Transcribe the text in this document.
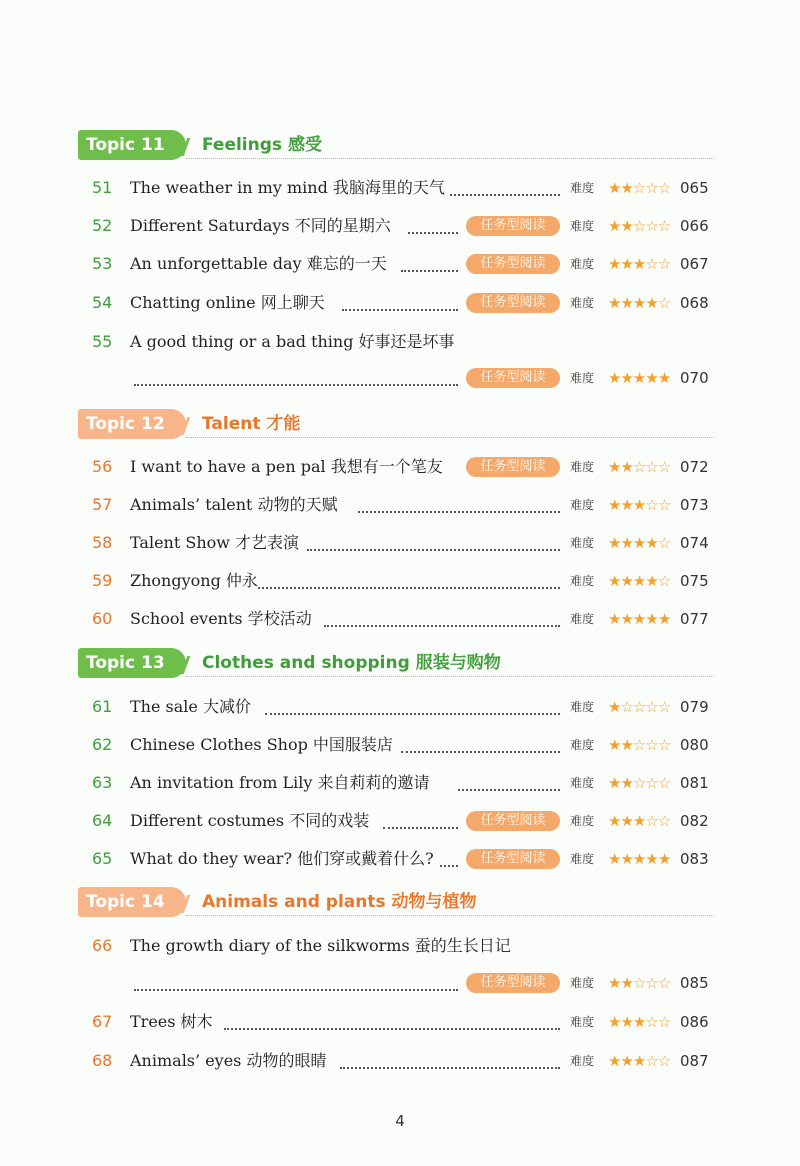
Topic 11	Feelings 感受
51	The weather in my mind 我脑海里的天气	难度 ★★☆☆☆ 065
52	Different Saturdays 不同的星期六	任务型阅读	难度 ★★☆☆☆ 066
53	An unforgettable day 难忘的一天	任务型阅读	难度 ★★★☆☆ 067
54	Chatting online 网上聊天	任务型阅读	难度 ★★★★☆ 068
55	A good thing or a bad thing 好事还是坏事
任务型阅读	难度 ★★★★★ 070
Topic 12	Talent 才能
56	I want to have a pen pal 我想有一个笔友	任务型阅读	难度 ★★☆☆☆ 072
57	Animals’ talent 动物的天赋	难度 ★★★☆☆ 073
58	Talent Show 才艺表演	难度 ★★★★☆ 074
59	Zhongyong 仲永	难度 ★★★★☆ 075
60	School events 学校活动	难度 ★★★★★ 077
Topic 13	Clothes and shopping 服装与购物
61	The sale 大减价	难度 ★☆☆☆☆ 079
62	Chinese Clothes Shop 中国服装店	难度 ★★☆☆☆ 080
63	An invitation from Lily 来自莉莉的邀请	难度 ★★☆☆☆ 081
64	Different costumes 不同的戏装	任务型阅读	难度 ★★★☆☆ 082
65	What do they wear? 他们穿或戴着什么?	任务型阅读	难度 ★★★★★ 083
Topic 14	Animals and plants 动物与植物
66	The growth diary of the silkworms 蚕的生长日记
任务型阅读	难度 ★★☆☆☆ 085
67	Trees 树木	难度 ★★★☆☆ 086
68	Animals’ eyes 动物的眼睛	难度 ★★★☆☆ 087
4
